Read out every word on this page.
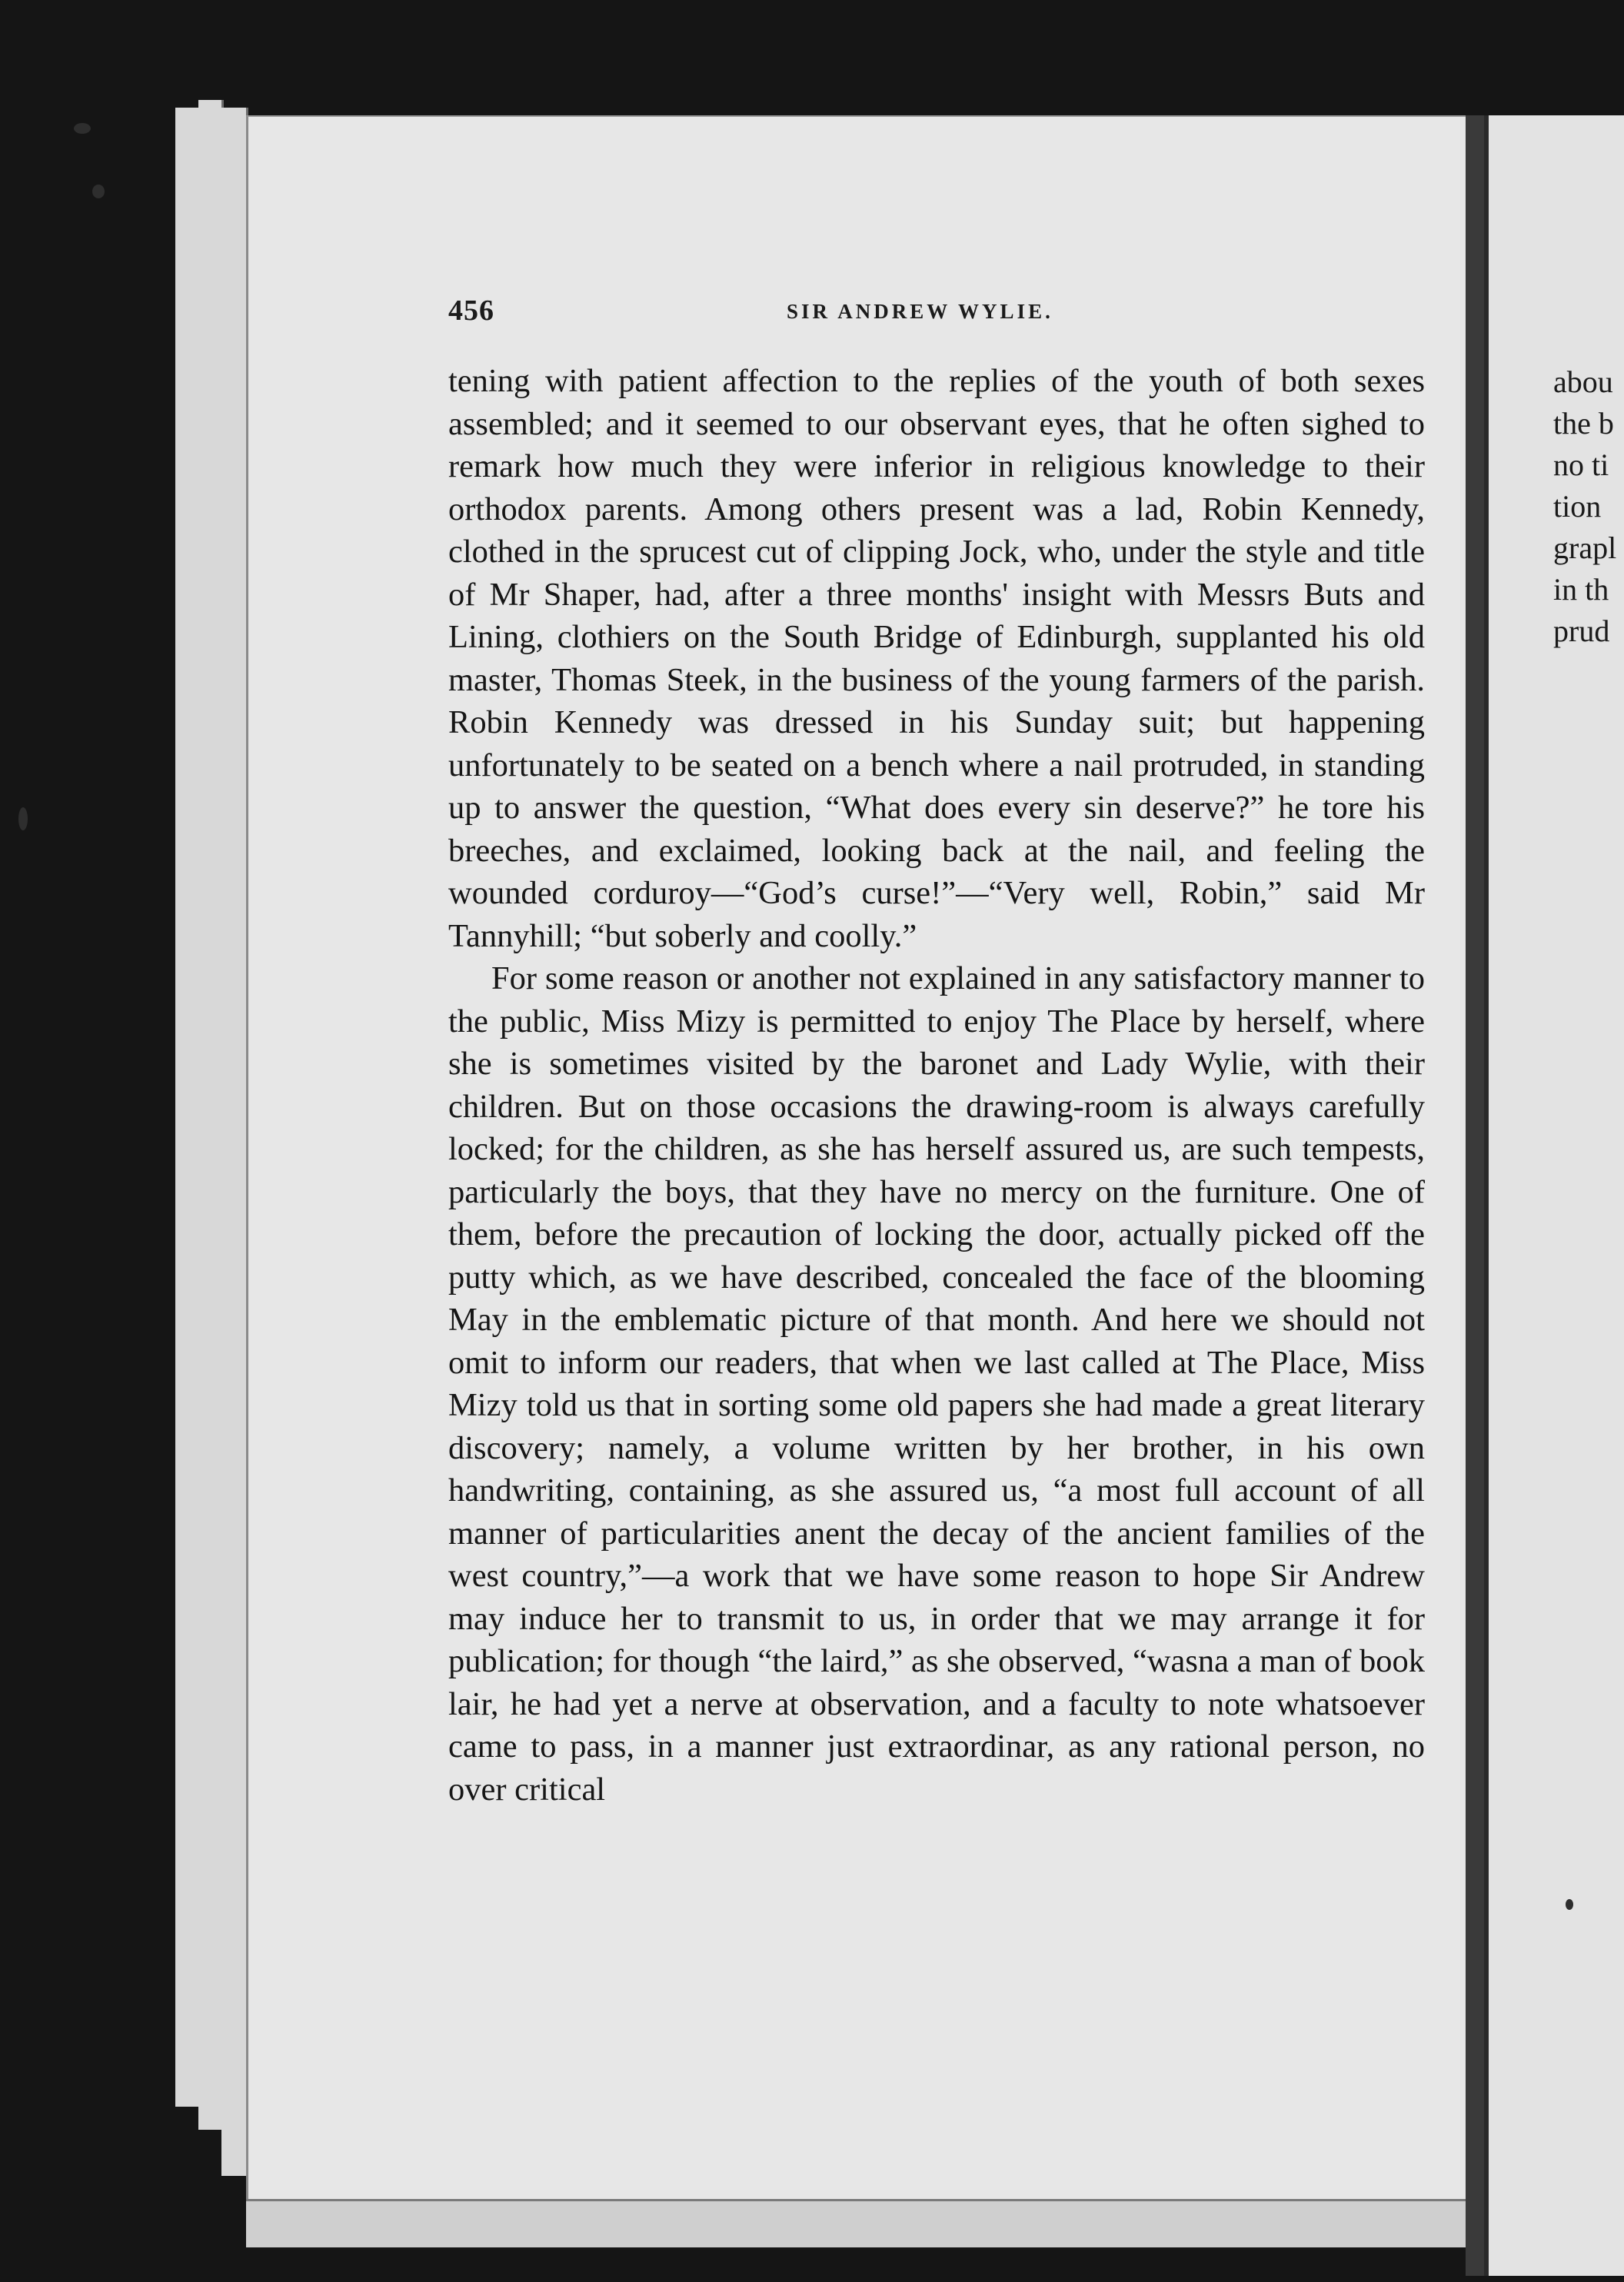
456	SIR ANDREW WYLIE.

tening with patient affection to the replies of the youth of both sexes assembled; and it seemed to our observant eyes, that he often sighed to remark how much they were inferior in religious knowledge to their orthodox parents. Among others present was a lad, Robin Kennedy, clothed in the sprucest cut of clipping Jock, who, under the style and title of Mr Shaper, had, after a three months' insight with Messrs Buts and Lining, clothiers on the South Bridge of Edinburgh, supplanted his old master, Thomas Steek, in the business of the young farmers of the parish. Robin Kennedy was dressed in his Sunday suit; but happening unfortunately to be seated on a bench where a nail protruded, in standing up to answer the question, “What does every sin deserve?” he tore his breeches, and exclaimed, looking back at the nail, and feeling the wounded corduroy—“God’s curse!”—“Very well, Robin,” said Mr Tannyhill; “but soberly and coolly.”

For some reason or another not explained in any satisfactory manner to the public, Miss Mizy is permitted to enjoy The Place by herself, where she is sometimes visited by the baronet and Lady Wylie, with their children. But on those occasions the drawing-room is always carefully locked; for the children, as she has herself assured us, are such tempests, particularly the boys, that they have no mercy on the furniture. One of them, before the precaution of locking the door, actually picked off the putty which, as we have described, concealed the face of the blooming May in the emblematic picture of that month. And here we should not omit to inform our readers, that when we last called at The Place, Miss Mizy told us that in sorting some old papers she had made a great literary discovery; namely, a volume written by her brother, in his own handwriting, containing, as she assured us, “a most full account of all manner of particularities anent the decay of the ancient families of the west country,”—a work that we have some reason to hope Sir Andrew may induce her to transmit to us, in order that we may arrange it for publication; for though “the laird,” as she observed, “wasna a man of book lair, he had yet a nerve at observation, and a faculty to note whatsoever came to pass, in a manner just extraordinar, as any rational person, no over critical

abou
the b
no ti
tion
grapl
in th
prud
